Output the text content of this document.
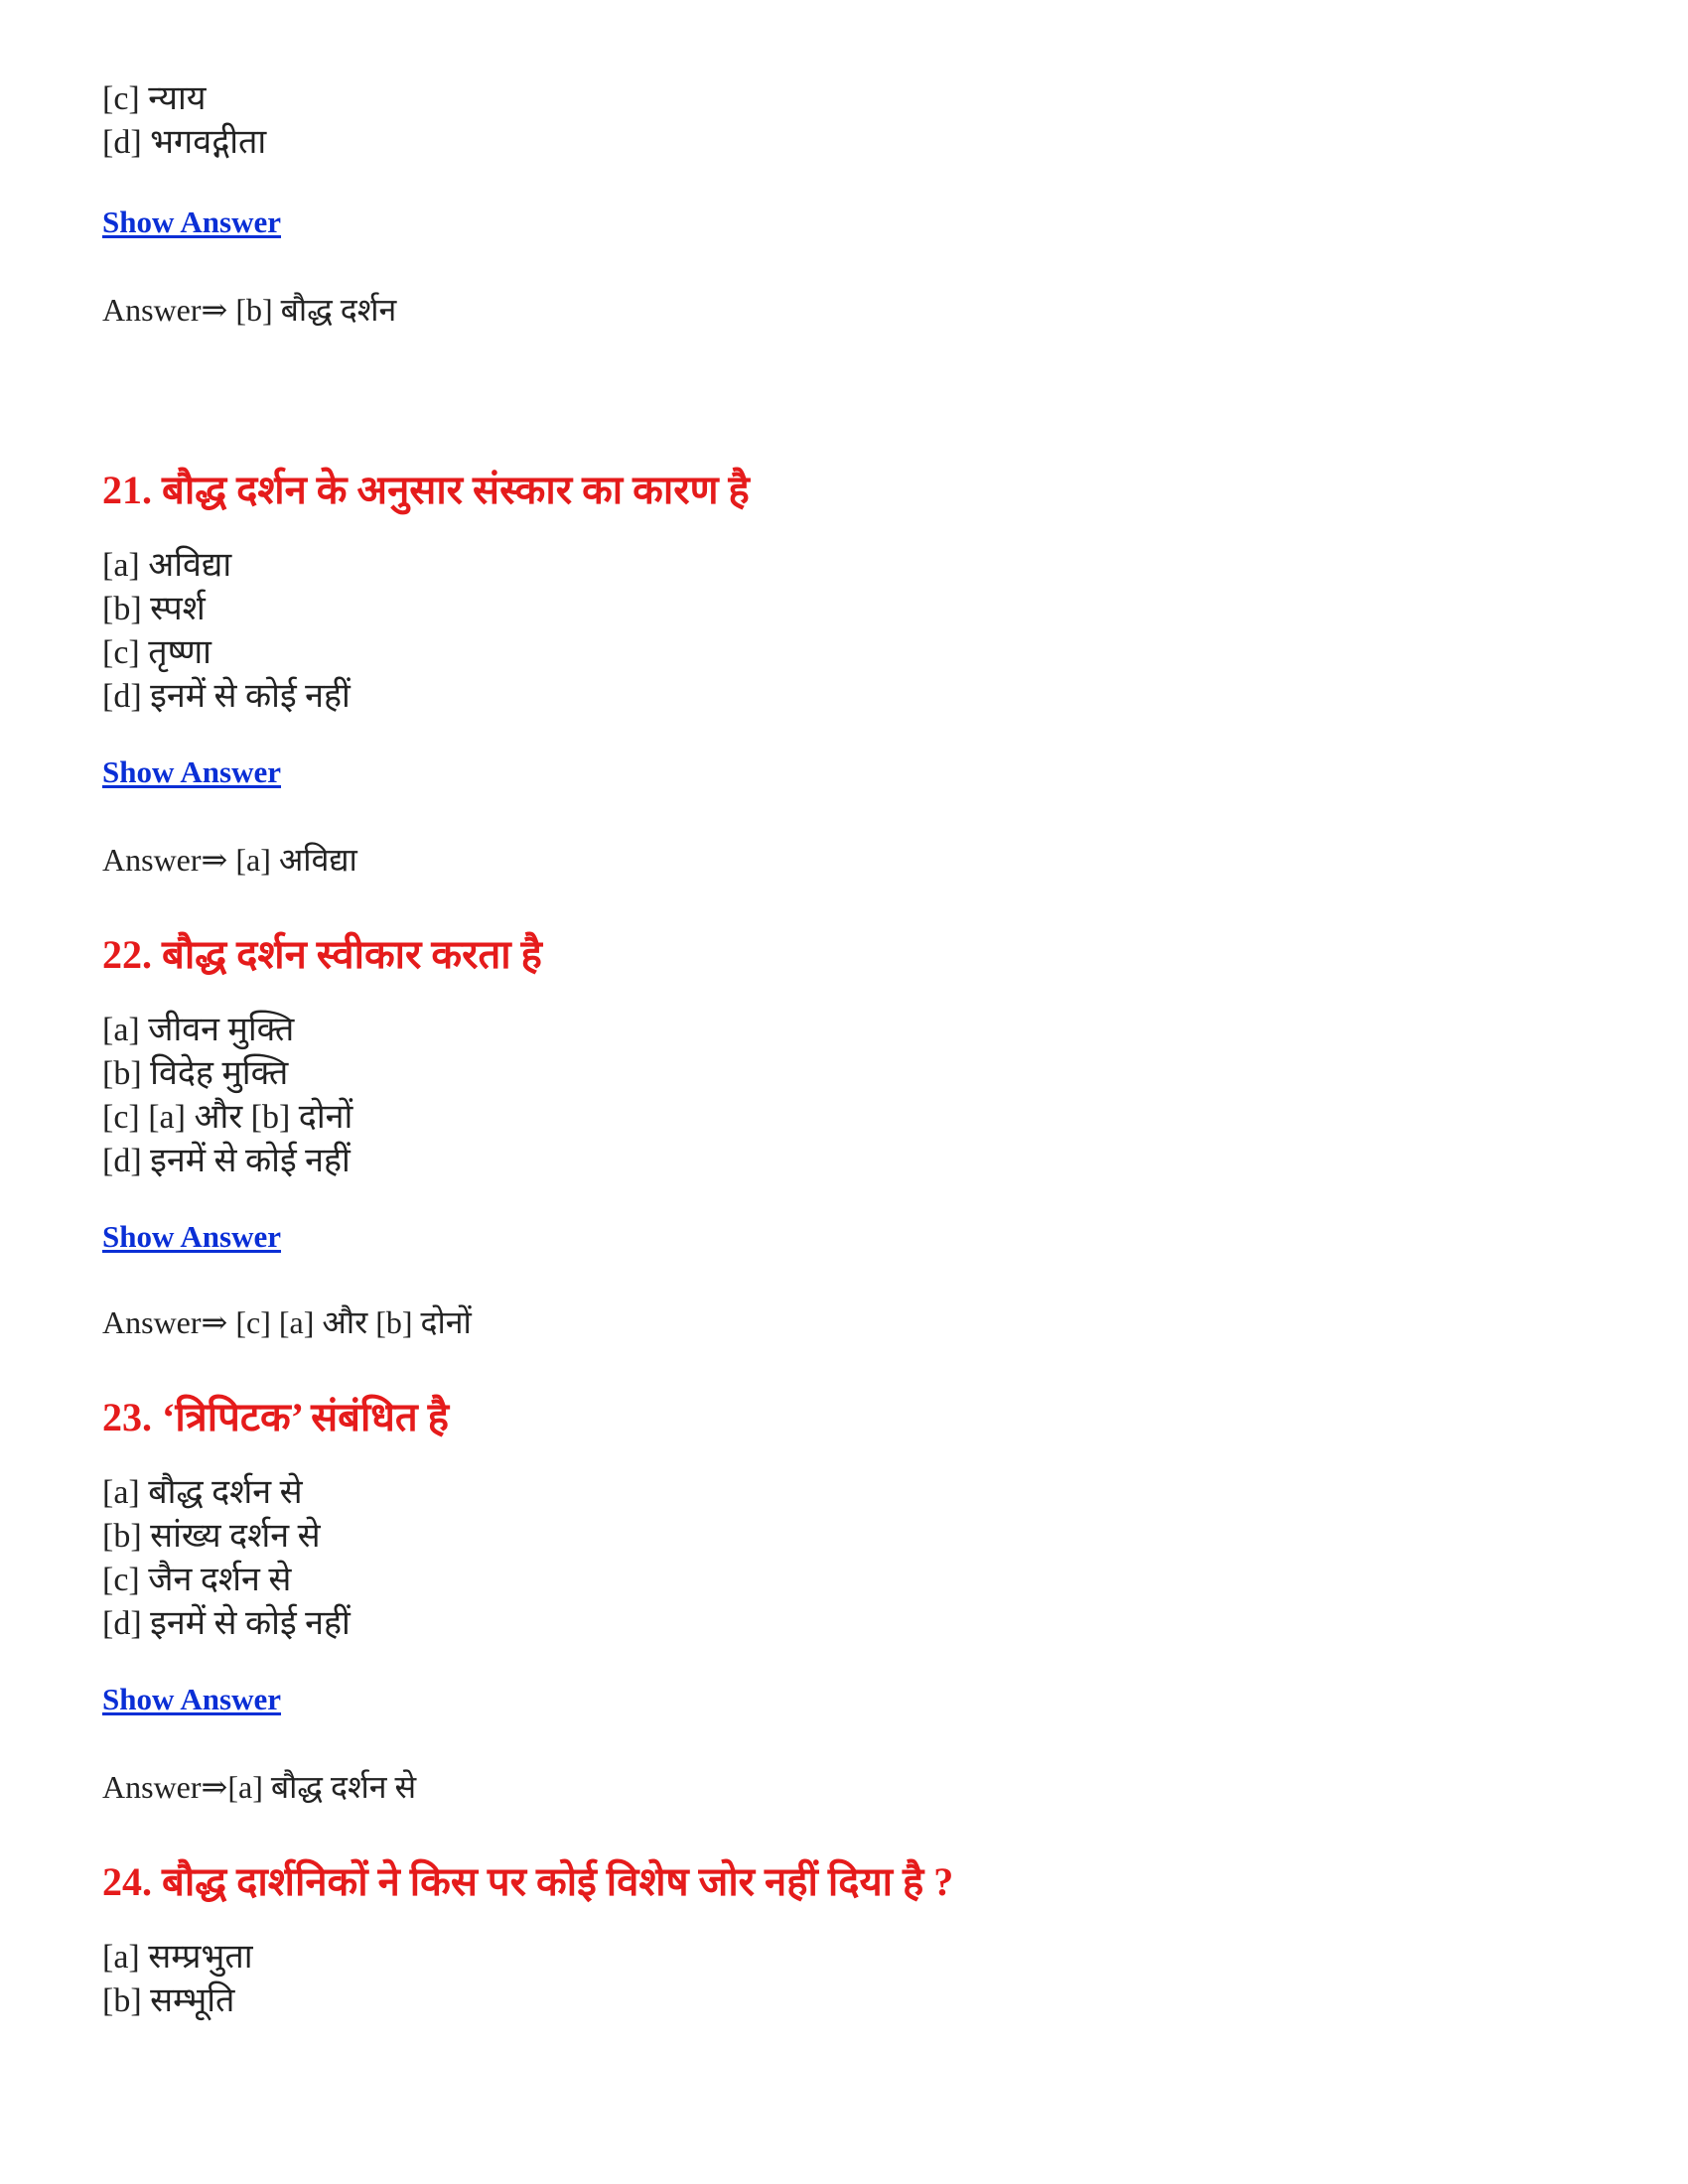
[c] न्याय

[d] भगवद्गीता

Show Answer

Answer⇒ [b] बौद्ध दर्शन

21. बौद्ध दर्शन के अनुसार संस्कार का कारण है

[a] अविद्या

[b] स्पर्श

[c] तृष्णा

[d] इनमें से कोई नहीं

Show Answer

Answer⇒ [a] अविद्या

22. बौद्ध दर्शन स्वीकार करता है

[a] जीवन मुक्ति

[b] विदेह मुक्ति

[c] [a] और [b] दोनों

[d] इनमें से कोई नहीं

Show Answer

Answer⇒ [c] [a] और [b] दोनों

23. ‘त्रिपिटक’ संबंधित है

[a] बौद्ध दर्शन से

[b] सांख्य दर्शन से

[c] जैन दर्शन से

[d] इनमें से कोई नहीं

Show Answer

Answer⇒[a] बौद्ध दर्शन से

24. बौद्ध दार्शनिकों ने किस पर कोई विशेष जोर नहीं दिया है ?

[a] सम्प्रभुता

[b] सम्भूति
